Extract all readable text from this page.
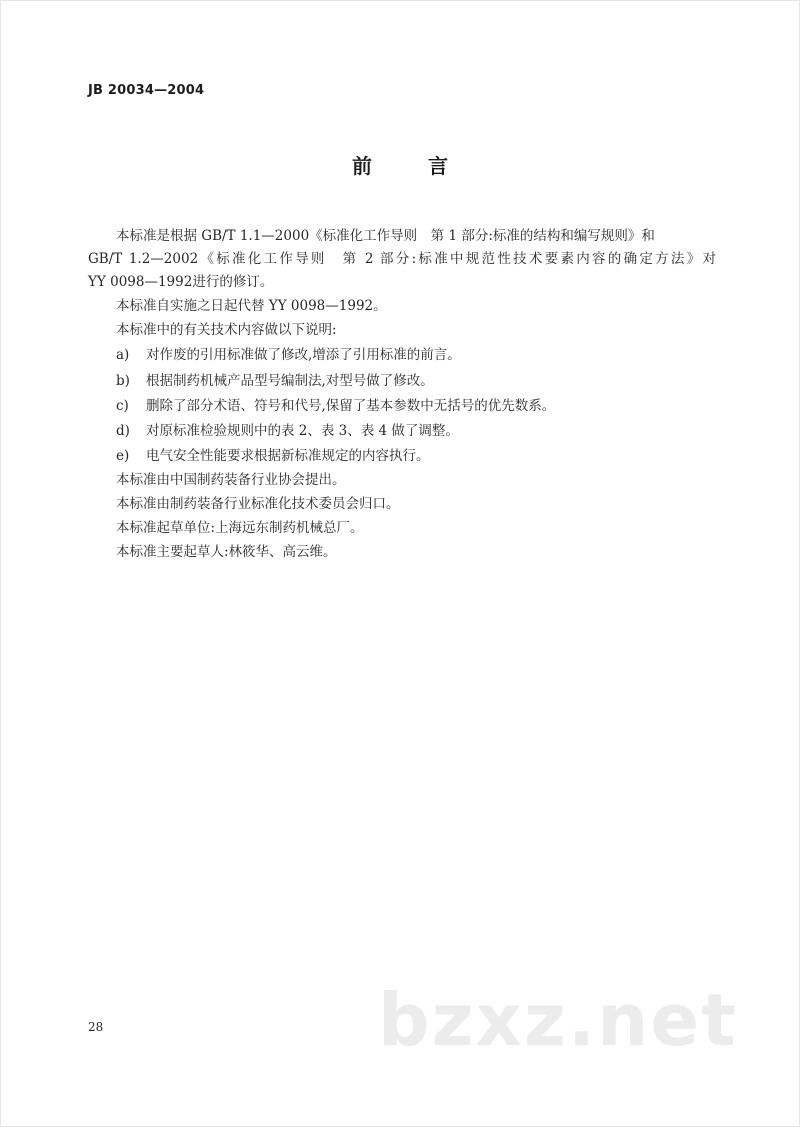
JB 20034—2004
前　言
本标准是根据 GB/T 1.1—2000《标准化工作导则　第 1 部分:标准的结构和编写规则》和
GB/T 1.2—2002《标准化工作导则　第 2 部分:标准中规范性技术要素内容的确定方法》对
YY 0098—1992进行的修订。
本标准自实施之日起代替 YY 0098—1992。
本标准中的有关技术内容做以下说明:
a) 对作废的引用标准做了修改,增添了引用标准的前言。
b) 根据制药机械产品型号编制法,对型号做了修改。
c) 删除了部分术语、符号和代号,保留了基本参数中无括号的优先数系。
d) 对原标准检验规则中的表 2、表 3、表 4 做了调整。
e) 电气安全性能要求根据新标准规定的内容执行。
本标准由中国制药装备行业协会提出。
本标准由制药装备行业标准化技术委员会归口。
本标准起草单位:上海远东制药机械总厂。
本标准主要起草人:林筱华、高云维。
28	bzxz.net
